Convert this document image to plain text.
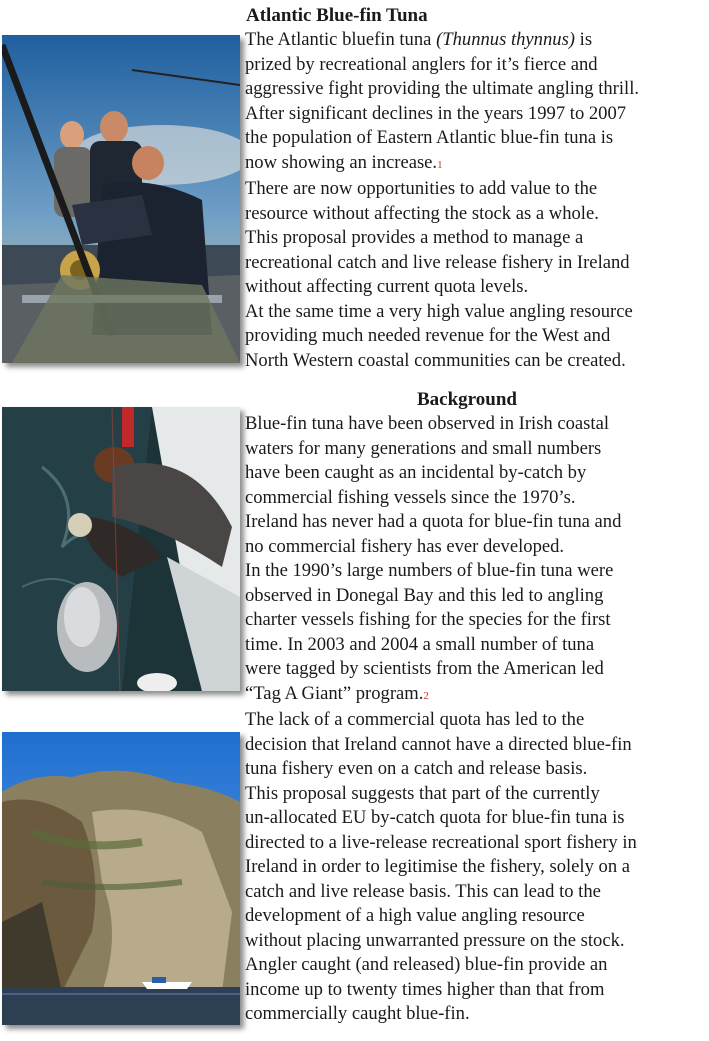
Atlantic Blue-fin Tuna
The Atlantic bluefin tuna (Thunnus thynnus) is
prized by recreational anglers for it’s fierce and
aggressive fight providing the ultimate angling thrill.
After significant declines in the years 1997 to 2007
the population of Eastern Atlantic blue-fin tuna is
now showing an increase.1
There are now opportunities to add value to the
resource without affecting the stock as a whole.
This proposal provides a method to manage a
recreational catch and live release fishery in Ireland
without affecting current quota levels.
At the same time a very high value angling resource
providing much needed revenue for the West and
North Western coastal communities can be created.
Background
Blue-fin tuna have been observed in Irish coastal
waters for many generations and small numbers
have been caught as an incidental by-catch by
commercial fishing vessels since the 1970’s.
Ireland has never had a quota for blue-fin tuna and
no commercial fishery has ever developed.
In the 1990’s large numbers of blue-fin tuna were
observed in Donegal Bay and this led to angling
charter vessels fishing for the species for the first
time. In 2003 and 2004 a small number of tuna
were tagged by scientists from the American led
“Tag A Giant” program.2
The lack of a commercial quota has led to the
decision that Ireland cannot have a directed blue-fin
tuna fishery even on a catch and release basis.
This proposal suggests that part of the currently
un-allocated EU by-catch quota for blue-fin tuna is
directed to a live-release recreational sport fishery in
Ireland in order to legitimise the fishery, solely on a
catch and live release basis. This can lead to the
development of a high value angling resource
without placing unwarranted pressure on the stock.
Angler caught (and released) blue-fin provide an
income up to twenty times higher than that from
commercially caught blue-fin.
